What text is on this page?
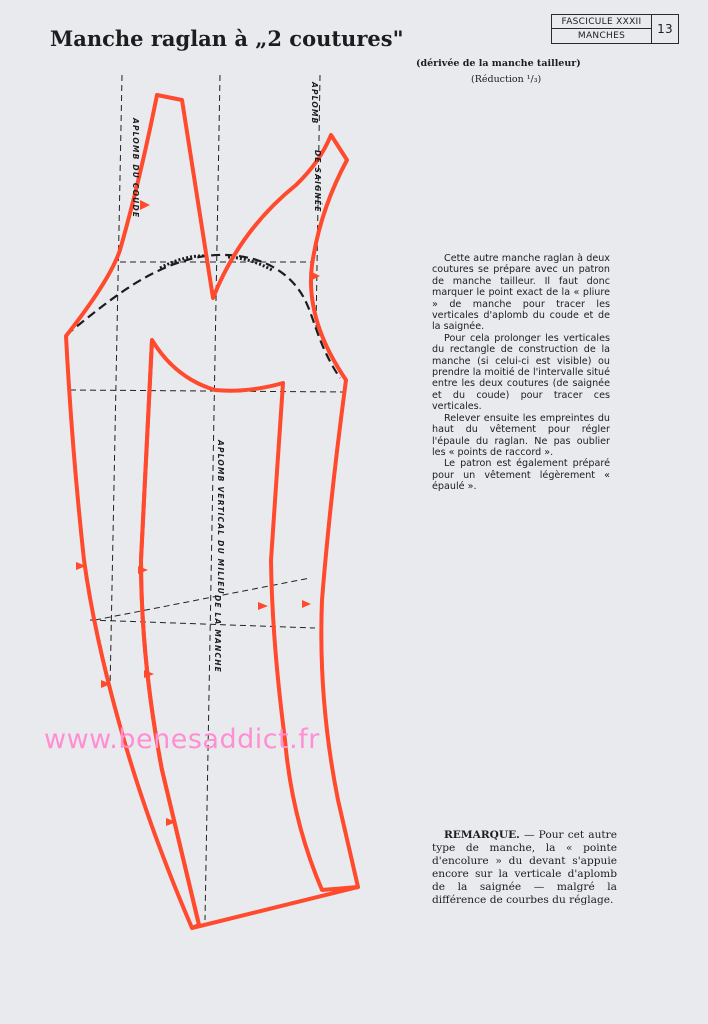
FASCICULE XXXII
13
MANCHES
Manche raglan à „2 coutures"
(dérivée de la manche tailleur)
(Réduction ¹/₃)
APLOMB DU COUDE
APLOMB
DE SAIGNÉE
APLOMB VERTICAL DU MILIEU
DE LA MANCHE

Cette autre manche raglan à deux coutures se prépare avec un patron de manche tailleur. Il faut donc marquer le point exact de la « pliure » de manche pour tracer les verticales d'aplomb du coude et de la saignée.

Pour cela prolonger les verticales du rectangle de construction de la manche (si celui-ci est visible) ou prendre la moitié de l'intervalle situé entre les deux coutures (de saignée et du coude) pour tracer ces verticales.

Relever ensuite les empreintes du haut du vêtement pour régler l'épaule du raglan. Ne pas oublier les « points de raccord ».

Le patron est également préparé pour un vêtement légèrement « épaulé ».

REMARQUE. — Pour cet autre type de manche, la « pointe d'encolure » du devant s'appuie encore sur la verticale d'aplomb de la saignée — malgré la différence de courbes du réglage.
www.benesaddict.fr
